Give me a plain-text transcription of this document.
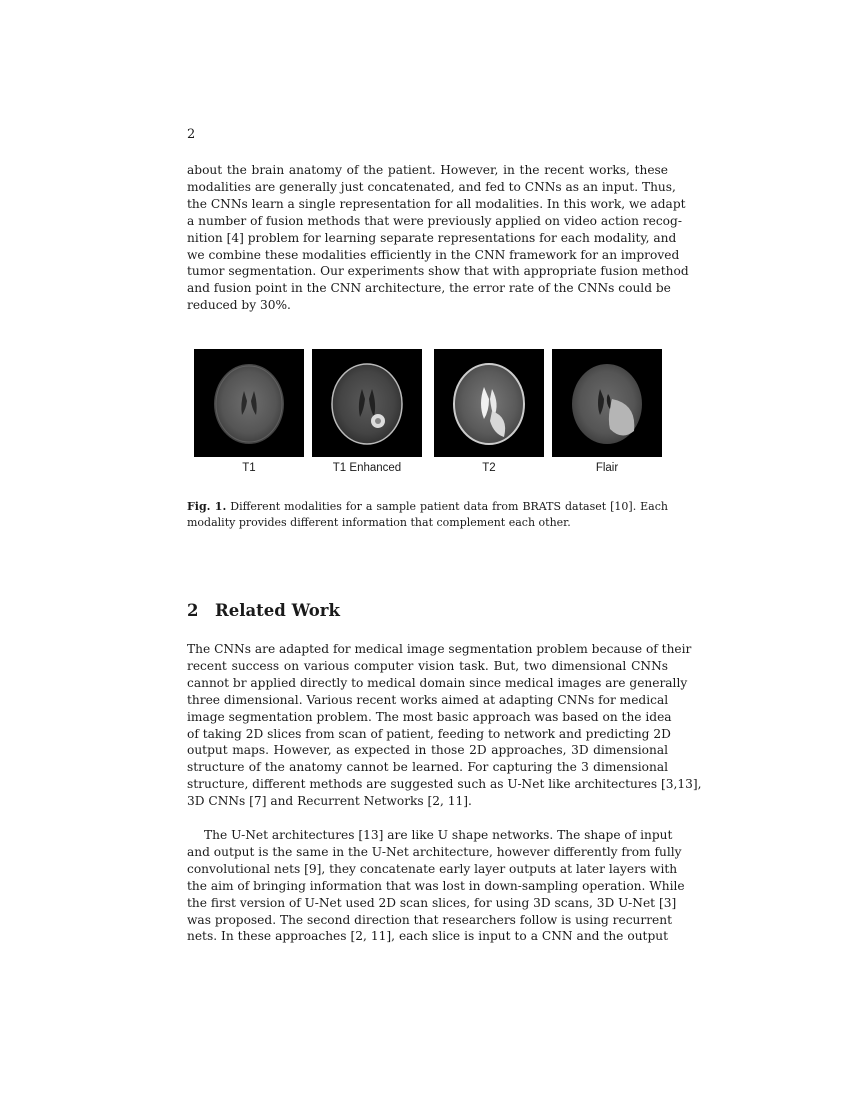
2
about the brain anatomy of the patient. However, in the recent works, these
modalities are generally just concatenated, and fed to CNNs as an input. Thus,
the CNNs learn a single representation for all modalities. In this work, we adapt
a number of fusion methods that were previously applied on video action recog-
nition [4] problem for learning separate representations for each modality, and
we combine these modalities efficiently in the CNN framework for an improved
tumor segmentation. Our experiments show that with appropriate fusion method
and fusion point in the CNN architecture, the error rate of the CNNs could be
reduced by 30%.
T1	T1 Enhanced	T2	Flair
Fig. 1. Different modalities for a sample patient data from BRATS dataset [10]. Each
modality provides different information that complement each other.
2 Related Work
The CNNs are adapted for medical image segmentation problem because of their
recent success on various computer vision task. But, two dimensional CNNs
cannot br applied directly to medical domain since medical images are generally
three dimensional. Various recent works aimed at adapting CNNs for medical
image segmentation problem. The most basic approach was based on the idea
of taking 2D slices from scan of patient, feeding to network and predicting 2D
output maps. However, as expected in those 2D approaches, 3D dimensional
structure of the anatomy cannot be learned. For capturing the 3 dimensional
structure, different methods are suggested such as U-Net like architectures [3,13],
3D CNNs [7] and Recurrent Networks [2, 11].
The U-Net architectures [13] are like U shape networks. The shape of input
and output is the same in the U-Net architecture, however differently from fully
convolutional nets [9], they concatenate early layer outputs at later layers with
the aim of bringing information that was lost in down-sampling operation. While
the first version of U-Net used 2D scan slices, for using 3D scans, 3D U-Net [3]
was proposed. The second direction that researchers follow is using recurrent
nets. In these approaches [2, 11], each slice is input to a CNN and the output
